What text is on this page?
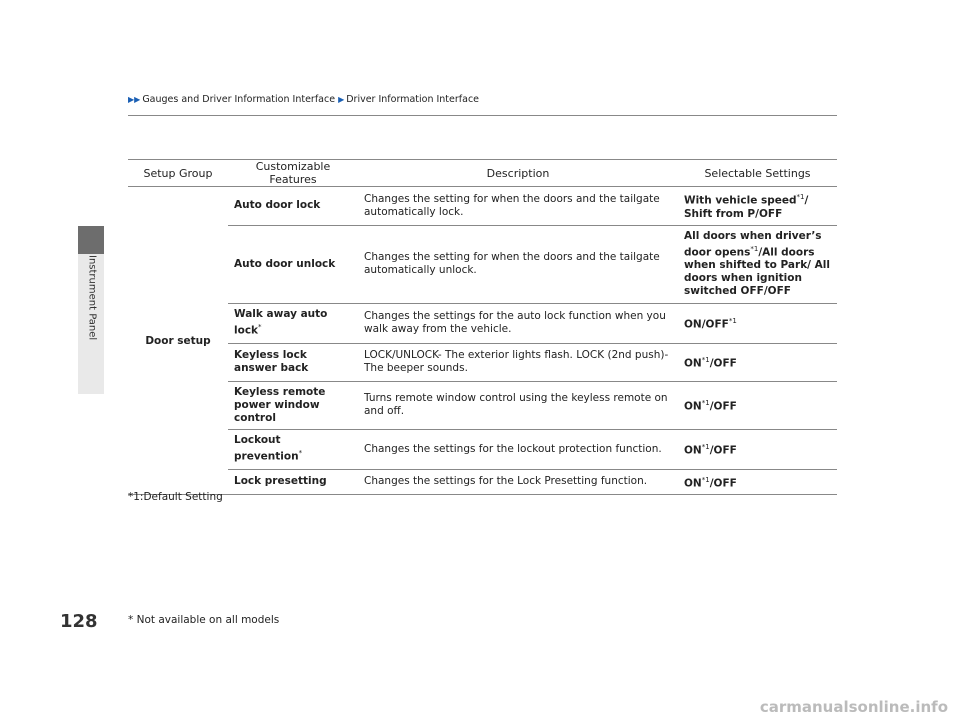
Instrument Panel
▶▶ Gauges and Driver Information Interface ▶ Driver Information Interface
Setup Group	Customizable Features	Description	Selectable Settings
Door setup	Auto door lock	Changes the setting for when the doors and the tailgate automatically lock.	With vehicle speed$^{*1}$/ Shift from P/OFF
	Auto door unlock	Changes the setting for when the doors and the tailgate automatically unlock.	All doors when driver’s door opens$^{*1}$/All doors when shifted to Park/ All doors when ignition switched OFF/OFF
	Walk away auto lock*	Changes the settings for the auto lock function when you walk away from the vehicle.	ON/OFF$^{*1}$
	Keyless lock answer back	LOCK/UNLOCK- The exterior lights flash. LOCK (2nd push)- The beeper sounds.	ON$^{*1}$/OFF
	Keyless remote power window control	Turns remote window control using the keyless remote on and off.	ON$^{*1}$/OFF
	Lockout prevention*	Changes the settings for the lockout protection function.	ON$^{*1}$/OFF
	Lock presetting	Changes the settings for the Lock Presetting function.	ON$^{*1}$/OFF
*1:Default Setting
128	* Not available on all models
carmanualsonline.info
